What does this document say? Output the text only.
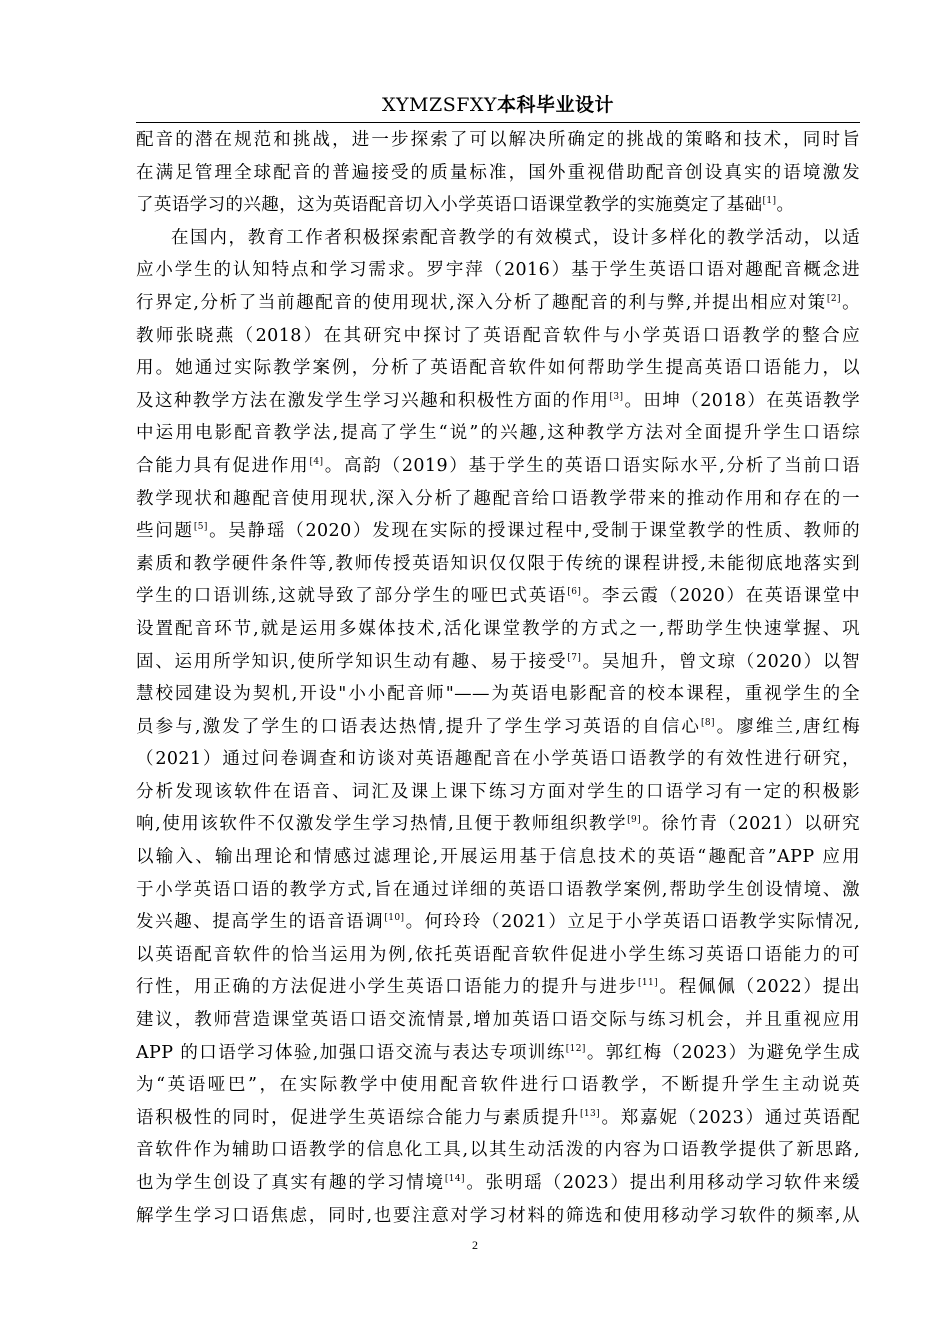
XYMZSFXY本科毕业设计
配音的潜在规范和挑战，进一步探索了可以解决所确定的挑战的策略和技术，同时旨
在满足管理全球配音的普遍接受的质量标准，国外重视借助配音创设真实的语境激发
了英语学习的兴趣，这为英语配音切入小学英语口语课堂教学的实施奠定了基础[1]。
在国内，教育工作者积极探索配音教学的有效模式，设计多样化的教学活动，以适
应小学生的认知特点和学习需求。罗宇萍（2016）基于学生英语口语对趣配音概念进
行界定,分析了当前趣配音的使用现状,深入分析了趣配音的利与弊,并提出相应对策[2]。
教师张晓燕（2018）在其研究中探讨了英语配音软件与小学英语口语教学的整合应
用。她通过实际教学案例，分析了英语配音软件如何帮助学生提高英语口语能力，以
及这种教学方法在激发学生学习兴趣和积极性方面的作用[3]。田坤（2018）在英语教学
中运用电影配音教学法,提高了学生“说”的兴趣,这种教学方法对全面提升学生口语综
合能力具有促进作用[4]。高韵（2019）基于学生的英语口语实际水平,分析了当前口语
教学现状和趣配音使用现状,深入分析了趣配音给口语教学带来的推动作用和存在的一
些问题[5]。吴静瑶（2020）发现在实际的授课过程中,受制于课堂教学的性质、教师的
素质和教学硬件条件等,教师传授英语知识仅仅限于传统的课程讲授,未能彻底地落实到
学生的口语训练,这就导致了部分学生的哑巴式英语[6]。李云霞（2020）在英语课堂中
设置配音环节,就是运用多媒体技术,活化课堂教学的方式之一,帮助学生快速掌握、巩
固、运用所学知识,使所学知识生动有趣、易于接受[7]。吴旭升，曾文琼（2020）以智
慧校园建设为契机,开设"小小配音师"——为英语电影配音的校本课程，重视学生的全
员参与,激发了学生的口语表达热情,提升了学生学习英语的自信心[8]。廖维兰,唐红梅
（2021）通过问卷调查和访谈对英语趣配音在小学英语口语教学的有效性进行研究，
分析发现该软件在语音、词汇及课上课下练习方面对学生的口语学习有一定的积极影
响,使用该软件不仅激发学生学习热情,且便于教师组织教学[9]。徐竹青（2021）以研究
以输入、输出理论和情感过滤理论,开展运用基于信息技术的英语“趣配音”APP 应用
于小学英语口语的教学方式,旨在通过详细的英语口语教学案例,帮助学生创设情境、激
发兴趣、提高学生的语音语调[10]。何玲玲（2021）立足于小学英语口语教学实际情况,
以英语配音软件的恰当运用为例,依托英语配音软件促进小学生练习英语口语能力的可
行性，用正确的方法促进小学生英语口语能力的提升与进步[11]。程佩佩（2022）提出
建议，教师营造课堂英语口语交流情景,增加英语口语交际与练习机会，并且重视应用
APP 的口语学习体验,加强口语交流与表达专项训练[12]。郭红梅（2023）为避免学生成
为“英语哑巴”，在实际教学中使用配音软件进行口语教学，不断提升学生主动说英
语积极性的同时，促进学生英语综合能力与素质提升[13]。郑嘉妮（2023）通过英语配
音软件作为辅助口语教学的信息化工具,以其生动活泼的内容为口语教学提供了新思路,
也为学生创设了真实有趣的学习情境[14]。张明瑶（2023）提出利用移动学习软件来缓
解学生学习口语焦虑，同时,也要注意对学习材料的筛选和使用移动学习软件的频率,从
2
